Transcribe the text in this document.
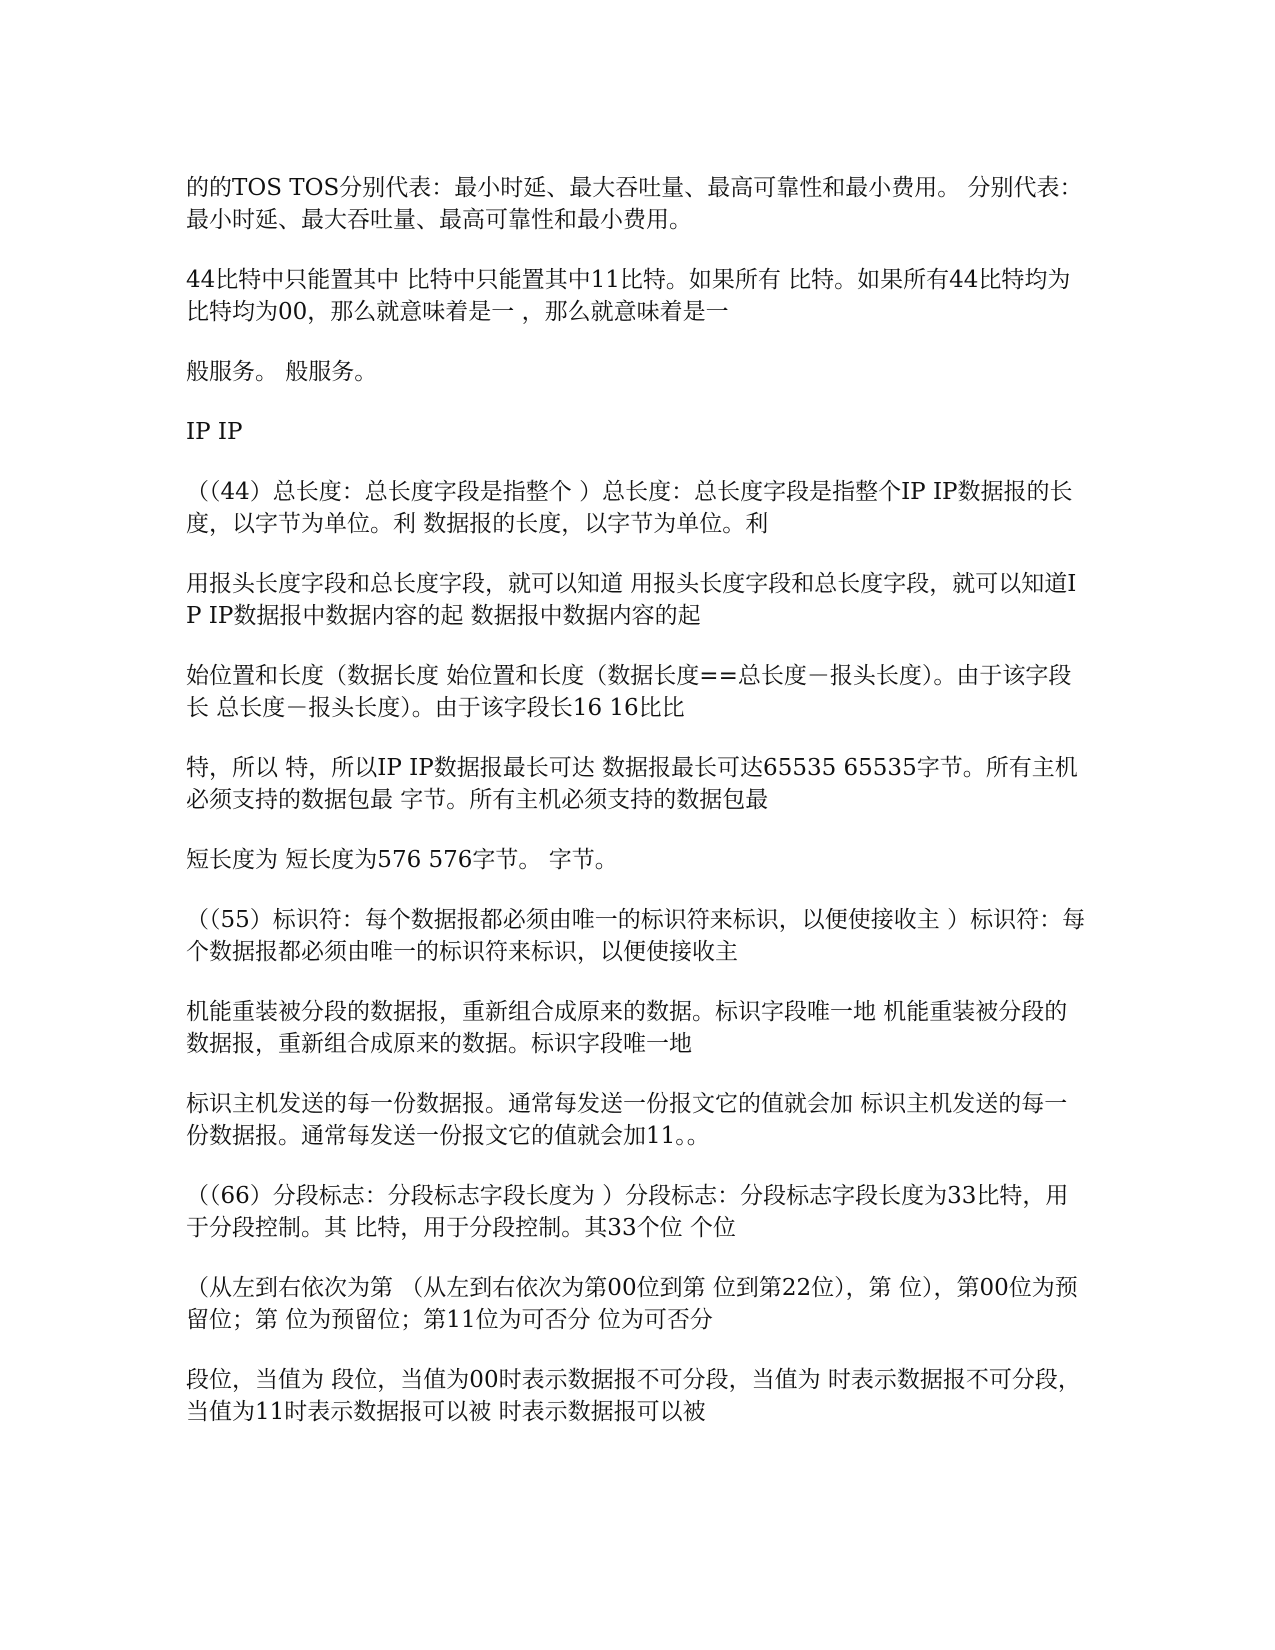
的的TOS TOS分别代表：最小时延、最大吞吐量、最高可靠性和最小费用。 分别代表：最小时延、最大吞吐量、最高可靠性和最小费用。

44比特中只能置其中 比特中只能置其中11比特。如果所有 比特。如果所有44比特均为 比特均为00，那么就意味着是一 ，那么就意味着是一

般服务。 般服务。

IP IP

（（44）总长度：总长度字段是指整个 ）总长度：总长度字段是指整个IP IP数据报的长度，以字节为单位。利 数据报的长度，以字节为单位。利

用报头长度字段和总长度字段，就可以知道 用报头长度字段和总长度字段，就可以知道IP IP数据报中数据内容的起 数据报中数据内容的起

始位置和长度（数据长度 始位置和长度（数据长度==总长度－报头长度）。由于该字段长 总长度－报头长度）。由于该字段长16 16比比

特，所以 特，所以IP IP数据报最长可达 数据报最长可达65535 65535字节。所有主机必须支持的数据包最 字节。所有主机必须支持的数据包最

短长度为 短长度为576 576字节。 字节。

（（55）标识符：每个数据报都必须由唯一的标识符来标识，以便使接收主 ）标识符：每个数据报都必须由唯一的标识符来标识，以便使接收主

机能重装被分段的数据报，重新组合成原来的数据。标识字段唯一地 机能重装被分段的数据报，重新组合成原来的数据。标识字段唯一地

标识主机发送的每一份数据报。通常每发送一份报文它的值就会加 标识主机发送的每一份数据报。通常每发送一份报文它的值就会加11。。

（（66）分段标志：分段标志字段长度为 ）分段标志：分段标志字段长度为33比特，用于分段控制。其 比特，用于分段控制。其33个位 个位

（从左到右依次为第 （从左到右依次为第00位到第 位到第22位），第 位），第00位为预留位；第 位为预留位；第11位为可否分 位为可否分

段位，当值为 段位，当值为00时表示数据报不可分段，当值为 时表示数据报不可分段，当值为11时表示数据报可以被 时表示数据报可以被
